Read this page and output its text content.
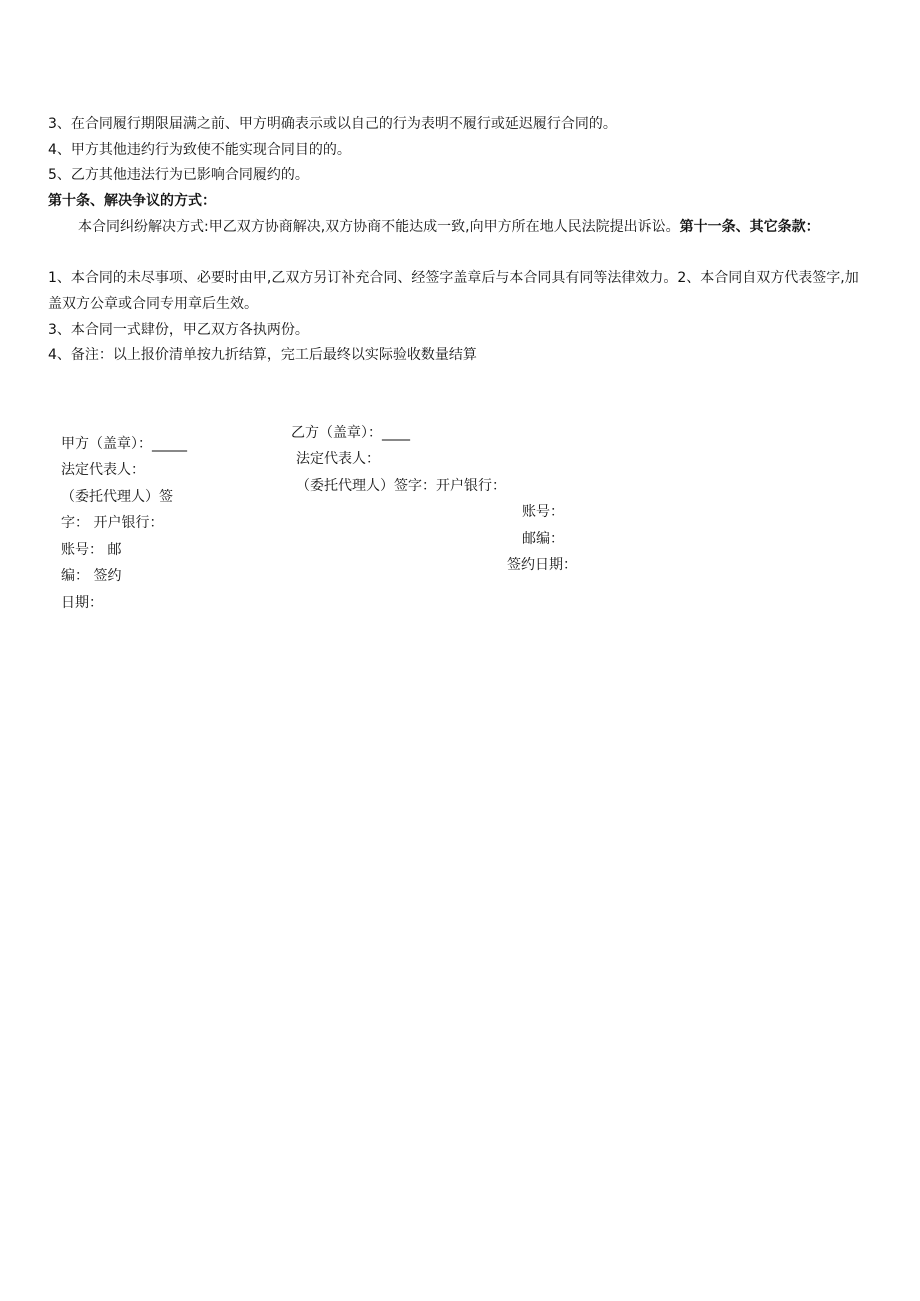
3、在合同履行期限届满之前、甲方明确表示或以自己的行为表明不履行或延迟履行合同的。
4、甲方其他违约行为致使不能实现合同目的的。
5、乙方其他违法行为已影响合同履约的。
第十条、解决争议的方式：
本合同纠纷解决方式:甲乙双方协商解决,双方协商不能达成一致,向甲方所在地人民法院提出诉讼。第十一条、其它条款：
1、本合同的未尽事项、必要时由甲,乙双方另订补充合同、经签字盖章后与本合同具有同等法律效力。2、本合同自双方代表签字,加盖双方公章或合同专用章后生效。
3、本合同一式肆份，甲乙双方各执两份。
4、备注：以上报价清单按九折结算，完工后最终以实际验收数量结算
甲方（盖章）：_____
法定代表人：
（委托代理人）签
字： 开户银行：
账号： 邮
编： 签约
日期：
乙方（盖章）：____
法定代表人：
（委托代理人）签字：开户银行：
账号：
邮编：
签约日期：
